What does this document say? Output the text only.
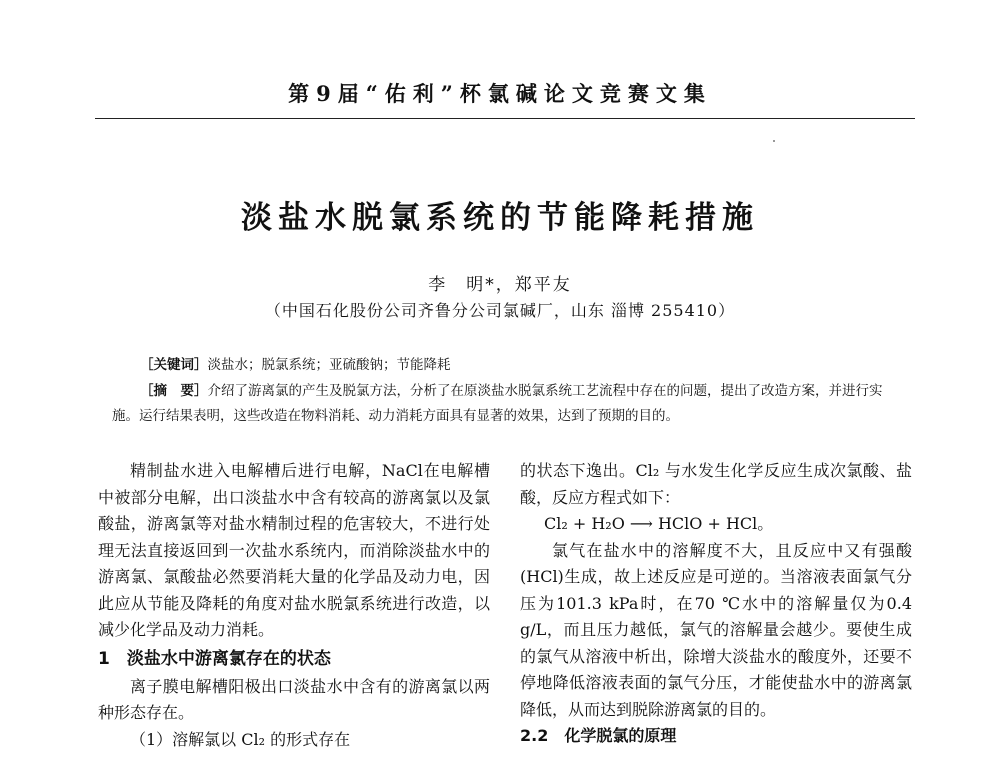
第9届“佑利”杯氯碱论文竞赛文集
淡盐水脱氯系统的节能降耗措施
李　明*，郑平友
（中国石化股份公司齐鲁分公司氯碱厂，山东 淄博 255410）
［关键词］淡盐水；脱氯系统；亚硫酸钠；节能降耗
［摘　要］介绍了游离氯的产生及脱氯方法，分析了在原淡盐水脱氯系统工艺流程中存在的问题，提出了改造方案，并进行实施。运行结果表明，这些改造在物料消耗、动力消耗方面具有显著的效果，达到了预期的目的。

精制盐水进入电解槽后进行电解，NaCl在电解槽中被部分电解，出口淡盐水中含有较高的游离氯以及氯酸盐，游离氯等对盐水精制过程的危害较大，不进行处理无法直接返回到一次盐水系统内，而消除淡盐水中的游离氯、氯酸盐必然要消耗大量的化学品及动力电，因此应从节能及降耗的角度对盐水脱氯系统进行改造，以减少化学品及动力消耗。

1　淡盐水中游离氯存在的状态

离子膜电解槽阳极出口淡盐水中含有的游离氯以两种形态存在。

（1）溶解氯以 Cl₂ 的形式存在

的状态下逸出。Cl₂ 与水发生化学反应生成次氯酸、盐酸，反应方程式如下：

Cl₂ + H₂O ⟶ HClO + HCl。

氯气在盐水中的溶解度不大，且反应中又有强酸(HCl)生成，故上述反应是可逆的。当溶液表面氯气分压为101.3 kPa时，在70 ℃水中的溶解量仅为0.4 g/L，而且压力越低，氯气的溶解量会越少。要使生成的氯气从溶液中析出，除增大淡盐水的酸度外，还要不停地降低溶液表面的氯气分压，才能使盐水中的游离氯降低，从而达到脱除游离氯的目的。

2.2　化学脱氯的原理
